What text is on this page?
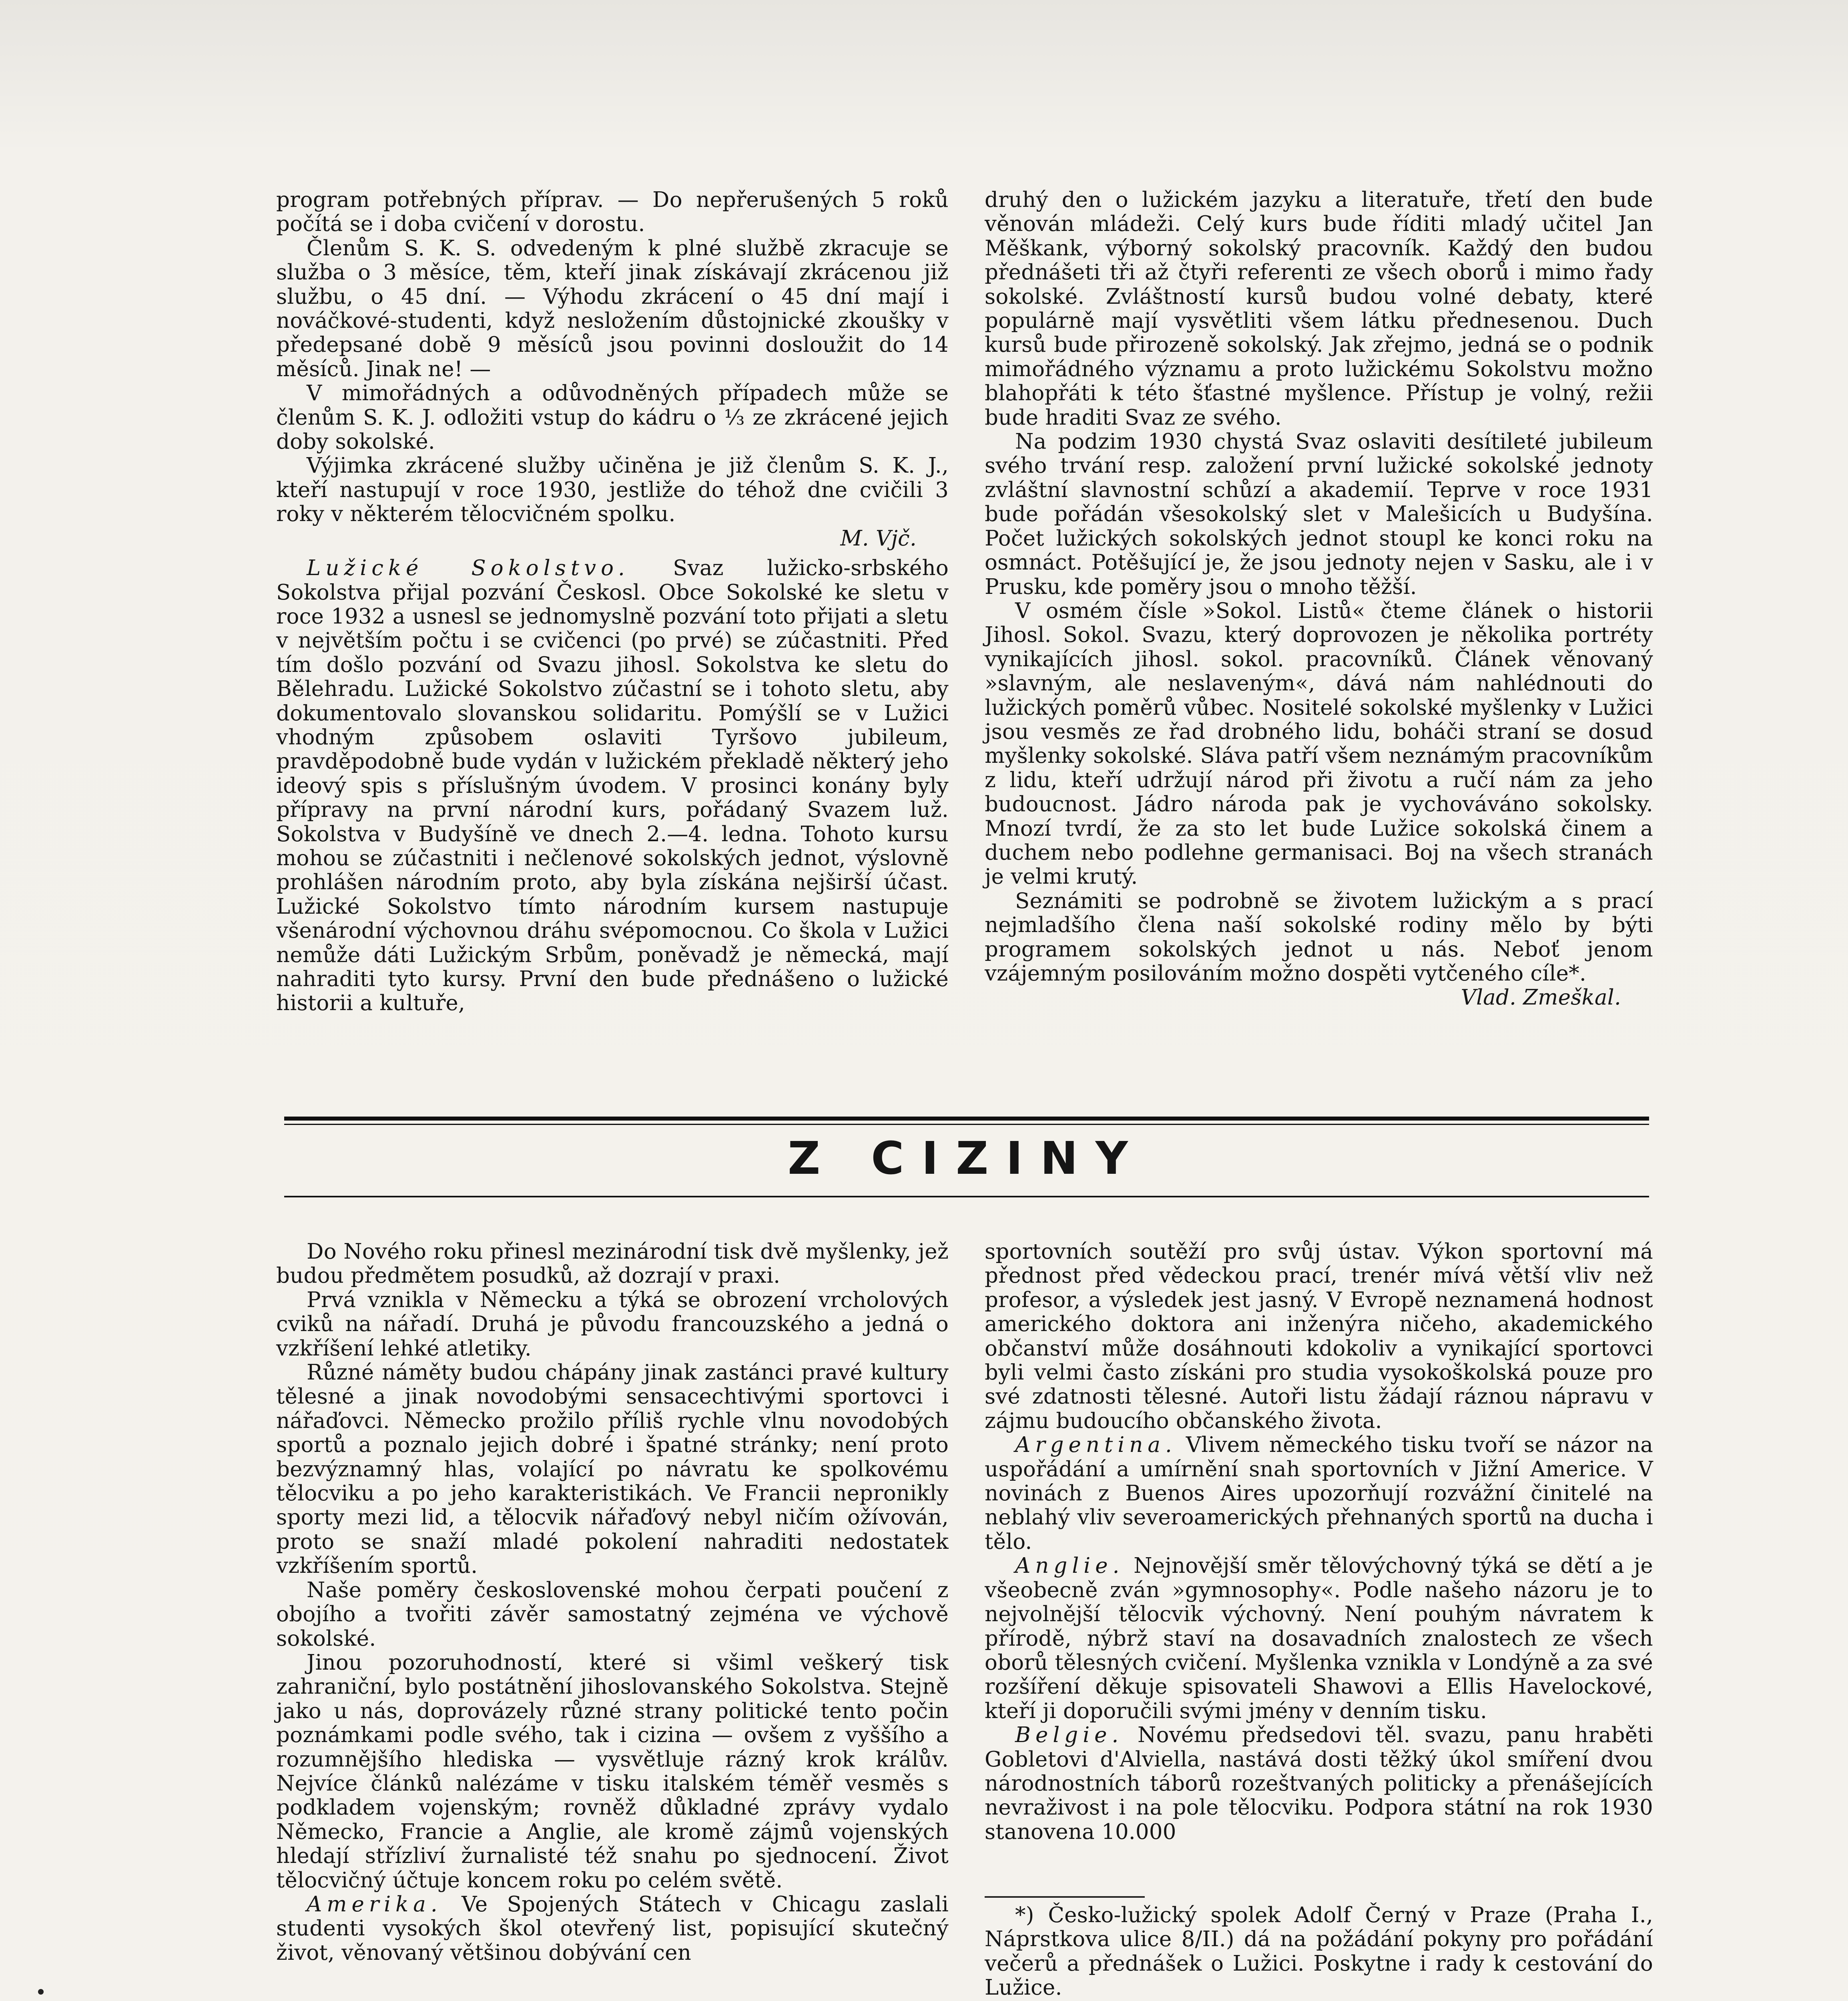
program potřebných příprav. — Do nepřerušených 5 roků počítá se i doba cvičení v dorostu.

Členům S. K. S. odvedeným k plné službě zkracuje se služba o 3 měsíce, těm, kteří jinak získávají zkrácenou již službu, o 45 dní. — Výhodu zkrácení o 45 dní mají i nováčkové-studenti, když nesložením důstojnické zkoušky v předepsané době 9 měsíců jsou povinni dosloužit do 14 měsíců. Jinak ne! —

V mimořádných a odůvodněných případech může se členům S. K. J. odložiti vstup do kádru o ⅓ ze zkrácené jejich doby sokolské.

Výjimka zkrácené služby učiněna je již členům S. K. J., kteří nastupují v roce 1930, jestliže do téhož dne cvičili 3 roky v některém tělocvičném spolku.

M. Vjč.

Lužické Sokolstvo. Svaz lužicko-srbského Sokolstva přijal pozvání Českosl. Obce Sokolské ke sletu v roce 1932 a usnesl se jednomyslně pozvání toto přijati a sletu v největším počtu i se cvičenci (po prvé) se zúčastniti. Před tím došlo pozvání od Svazu jihosl. Sokolstva ke sletu do Bělehradu. Lužické Sokolstvo zúčastní se i tohoto sletu, aby dokumentovalo slovanskou solidaritu. Pomýšlí se v Lužici vhodným způsobem oslaviti Tyršovo jubileum, pravděpodobně bude vydán v lužickém překladě některý jeho ideový spis s příslušným úvodem. V prosinci konány byly přípravy na první národní kurs, pořádaný Svazem luž. Sokolstva v Budyšíně ve dnech 2.—4. ledna. Tohoto kursu mohou se zúčastniti i nečlenové sokolských jednot, výslovně prohlášen národním proto, aby byla získána nejširší účast. Lužické Sokolstvo tímto národním kursem nastupuje všenárodní výchovnou dráhu svépomocnou. Co škola v Lužici nemůže dáti Lužickým Srbům, poněvadž je německá, mají nahraditi tyto kursy. První den bude přednášeno o lužické historii a kultuře,

druhý den o lužickém jazyku a literatuře, třetí den bude věnován mládeži. Celý kurs bude říditi mladý učitel Jan Měškank, výborný sokolský pracovník. Každý den budou přednášeti tři až čtyři referenti ze všech oborů i mimo řady sokolské. Zvláštností kursů budou volné debaty, které populárně mají vysvětliti všem látku přednesenou. Duch kursů bude přirozeně sokolský. Jak zřejmo, jedná se o podnik mimořádného významu a proto lužickému Sokolstvu možno blahopřáti k této šťastné myšlence. Přístup je volný, režii bude hraditi Svaz ze svého.

Na podzim 1930 chystá Svaz oslaviti desítileté jubileum svého trvání resp. založení první lužické sokolské jednoty zvláštní slavnostní schůzí a akademií. Teprve v roce 1931 bude pořádán všesokolský slet v Malešicích u Budyšína. Počet lužických sokolských jednot stoupl ke konci roku na osmnáct. Potěšující je, že jsou jednoty nejen v Sasku, ale i v Prusku, kde poměry jsou o mnoho těžší.

V osmém čísle »Sokol. Listů« čteme článek o historii Jihosl. Sokol. Svazu, který doprovozen je několika portréty vynikajících jihosl. sokol. pracovníků. Článek věnovaný »slavným, ale neslaveným«, dává nám nahlédnouti do lužických poměrů vůbec. Nositelé sokolské myšlenky v Lužici jsou vesměs ze řad drobného lidu, boháči straní se dosud myšlenky sokolské. Sláva patří všem neznámým pracovníkům z lidu, kteří udržují národ při životu a ručí nám za jeho budoucnost. Jádro národa pak je vychováváno sokolsky. Mnozí tvrdí, že za sto let bude Lužice sokolská činem a duchem nebo podlehne germanisaci. Boj na všech stranách je velmi krutý.

Seznámiti se podrobně se životem lužickým a s prací nejmladšího člena naší sokolské rodiny mělo by býti programem sokolských jednot u nás. Neboť jenom vzájemným posilováním možno dospěti vytčeného cíle*.

Vlad. Zmeškal.
Z CIZINY

Do Nového roku přinesl mezinárodní tisk dvě myšlenky, jež budou předmětem posudků, až dozrají v praxi.

Prvá vznikla v Německu a týká se obrození vrcholových cviků na nářadí. Druhá je původu francouzského a jedná o vzkříšení lehké atletiky.

Různé náměty budou chápány jinak zastánci pravé kultury tělesné a jinak novodobými sensacechtivými sportovci i nářaďovci. Německo prožilo příliš rychle vlnu novodobých sportů a poznalo jejich dobré i špatné stránky; není proto bezvýznamný hlas, volající po návratu ke spolkovému tělocviku a po jeho karakteristikách. Ve Francii nepronikly sporty mezi lid, a tělocvik nářaďový nebyl ničím ožívován, proto se snaží mladé pokolení nahraditi nedostatek vzkříšením sportů.

Naše poměry československé mohou čerpati poučení z obojího a tvořiti závěr samostatný zejména ve výchově sokolské.

Jinou pozoruhodností, které si všiml veškerý tisk zahraniční, bylo postátnění jihoslovanského Sokolstva. Stejně jako u nás, doprovázely různé strany politické tento počin poznámkami podle svého, tak i cizina — ovšem z vyššího a rozumnějšího hlediska — vysvětluje rázný krok králův. Nejvíce článků nalézáme v tisku italském téměř vesměs s podkladem vojenským; rovněž důkladné zprávy vydalo Německo, Francie a Anglie, ale kromě zájmů vojenských hledají střízliví žurnalisté též snahu po sjednocení. Život tělocvičný účtuje koncem roku po celém světě.

Amerika. Ve Spojených Státech v Chicagu zaslali studenti vysokých škol otevřený list, popisující skutečný život, věnovaný většinou dobývání cen

sportovních soutěží pro svůj ústav. Výkon sportovní má přednost před vědeckou prací, trenér mívá větší vliv než profesor, a výsledek jest jasný. V Evropě neznamená hodnost amerického doktora ani inženýra ničeho, akademického občanství může dosáhnouti kdokoliv a vynikající sportovci byli velmi často získáni pro studia vysokoškolská pouze pro své zdatnosti tělesné. Autoři listu žádají ráznou nápravu v zájmu budoucího občanského života.

Argentina. Vlivem německého tisku tvoří se názor na uspořádání a umírnění snah sportovních v Jižní Americe. V novinách z Buenos Aires upozorňují rozvážní činitelé na neblahý vliv severoamerických přehnaných sportů na ducha i tělo.

Anglie. Nejnovější směr tělovýchovný týká se dětí a je všeobecně zván »gymnosophy«. Podle našeho názoru je to nejvolnější tělocvik výchovný. Není pouhým návratem k přírodě, nýbrž staví na dosavadních znalostech ze všech oborů tělesných cvičení. Myšlenka vznikla v Londýně a za své rozšíření děkuje spisovateli Shawovi a Ellis Havelockové, kteří ji doporučili svými jmény v denním tisku.

Belgie. Novému předsedovi těl. svazu, panu hraběti Gobletovi d'Alviella, nastává dosti těžký úkol smíření dvou národnostních táborů rozeštvaných politicky a přenášejících nevraživost i na pole tělocviku. Podpora státní na rok 1930 stanovena 10.000

*) Česko-lužický spolek Adolf Černý v Praze (Praha I., Náprstkova ulice 8/II.) dá na požádání pokyny pro pořádání večerů a přednášek o Lužici. Poskytne i rady k cestování do Lužice.
